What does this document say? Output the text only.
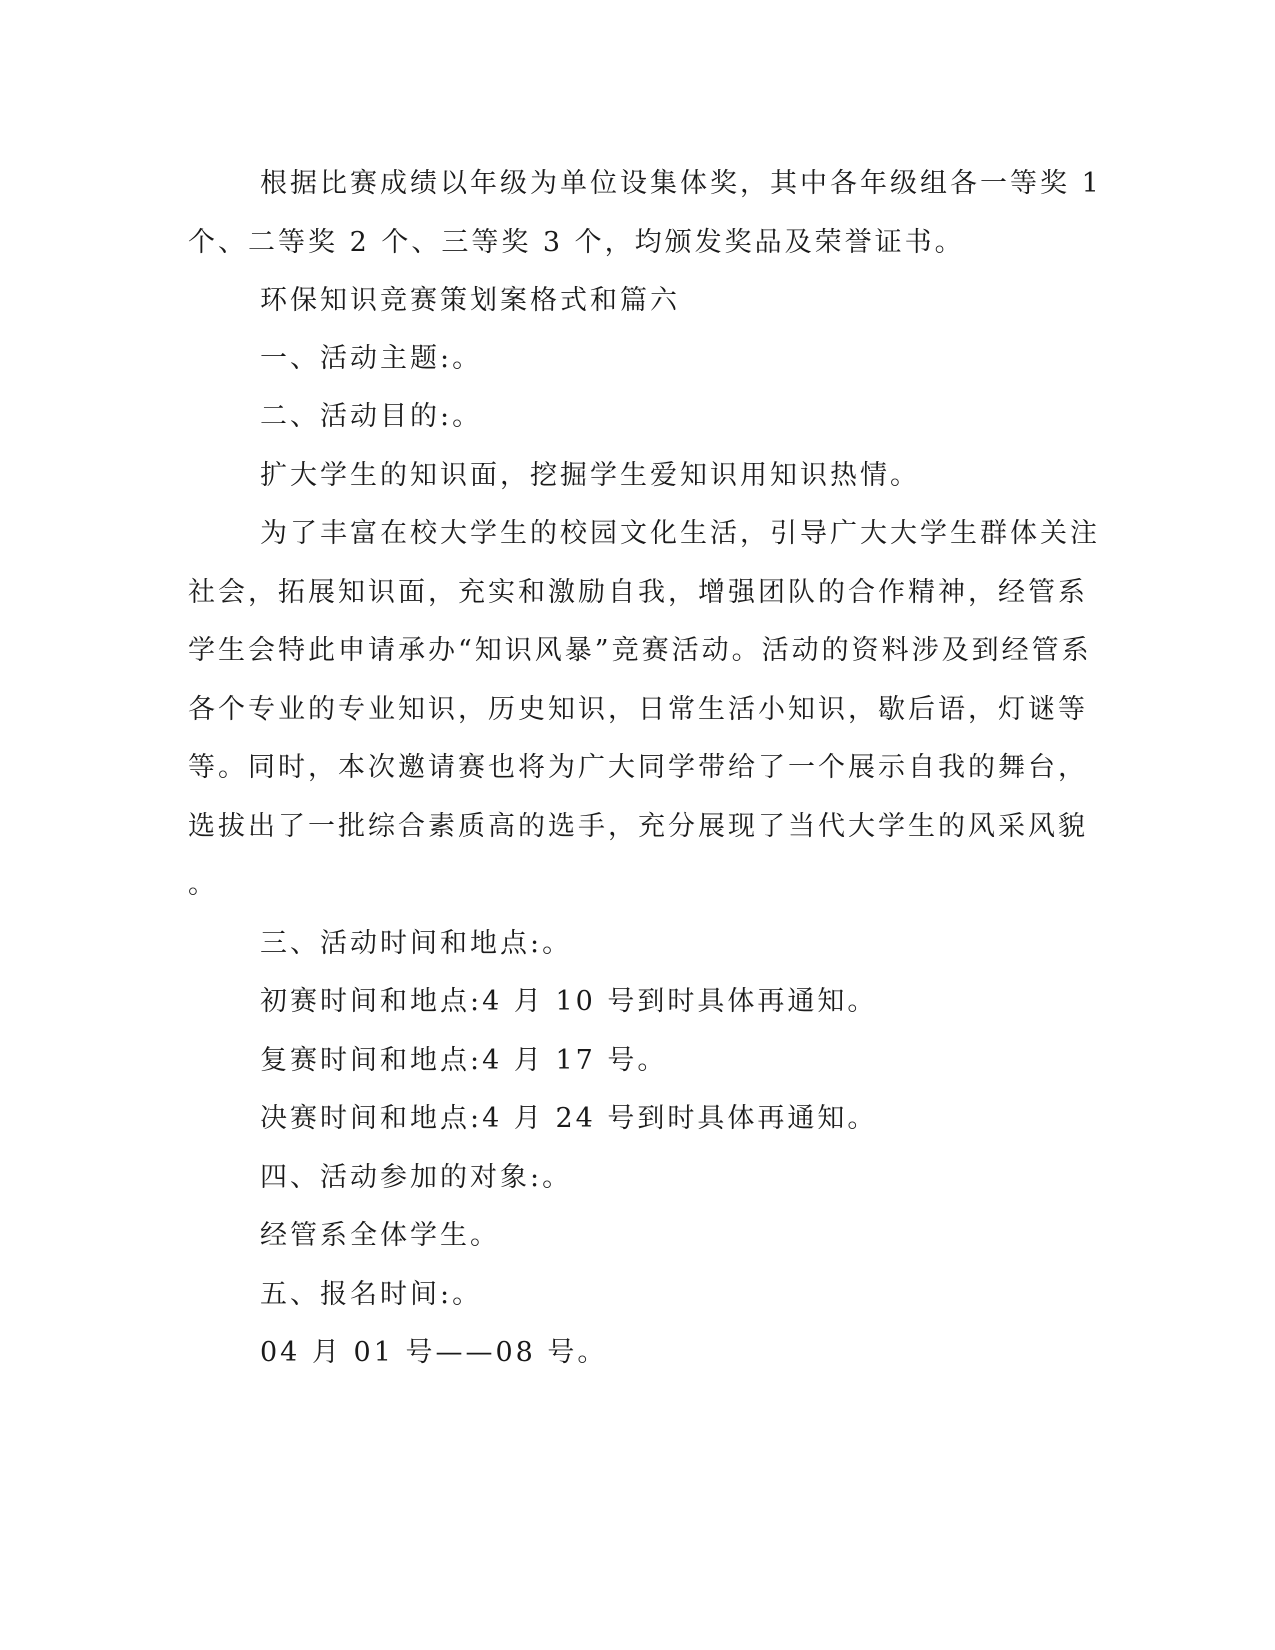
根据比赛成绩以年级为单位设集体奖，其中各年级组各一等奖 1
个、二等奖 2 个、三等奖 3 个，均颁发奖品及荣誉证书。
环保知识竞赛策划案格式和篇六
一、活动主题:。
二、活动目的:。
扩大学生的知识面，挖掘学生爱知识用知识热情。
为了丰富在校大学生的校园文化生活，引导广大大学生群体关注
社会，拓展知识面，充实和激励自我，增强团队的合作精神，经管系
学生会特此申请承办“知识风暴”竞赛活动。活动的资料涉及到经管系
各个专业的专业知识，历史知识，日常生活小知识，歇后语，灯谜等
等。同时，本次邀请赛也将为广大同学带给了一个展示自我的舞台，
选拔出了一批综合素质高的选手，充分展现了当代大学生的风采风貌
。
三、活动时间和地点:。
初赛时间和地点:4 月 10 号到时具体再通知。
复赛时间和地点:4 月 17 号。
决赛时间和地点:4 月 24 号到时具体再通知。
四、活动参加的对象:。
经管系全体学生。
五、报名时间:。
04 月 01 号——08 号。
